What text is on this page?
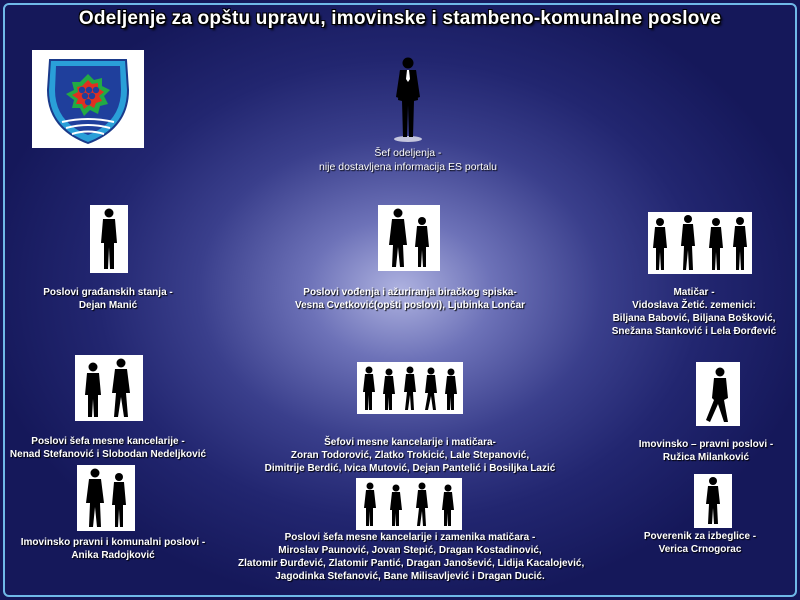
Odeljenje za opštu upravu, imovinske i stambeno-komunalne poslove
Šef odeljenja -
nije dostavljena informacija ES portalu
Poslovi građanskih stanja -
Dejan Manić
Poslovi vođenja i ažuriranja biračkog spiska-
Vesna Cvetković(opšti poslovi), Ljubinka Lončar
Matičar -
Vidoslava Žetić. zemenici:
Biljana Babović, Biljana Bošković,
Snežana Stanković i Lela Đorđević
Poslovi šefa mesne kancelarije -
Nenad Stefanović i Slobodan Nedeljković
Šefovi mesne kancelarije i matičara-
Zoran Todorović, Zlatko Trokicić, Lale Stepanović,
Dimitrije Berdić, Ivica Mutović, Dejan Pantelić i Bosiljka Lazić
Imovinsko – pravni poslovi -
Ružica Milanković
Imovinsko pravni i komunalni poslovi -
Anika Radojković
Poslovi šefa mesne kancelarije i zamenika matičara -
Miroslav Paunović, Jovan Stepić, Dragan Kostadinović,
Zlatomir Đurđević, Zlatomir Pantić, Dragan Janošević, Lidija Kacalojević,
Jagodinka Stefanović, Bane Milisavljević i Dragan Ducić.
Poverenik za izbeglice -
Verica Crnogorac
